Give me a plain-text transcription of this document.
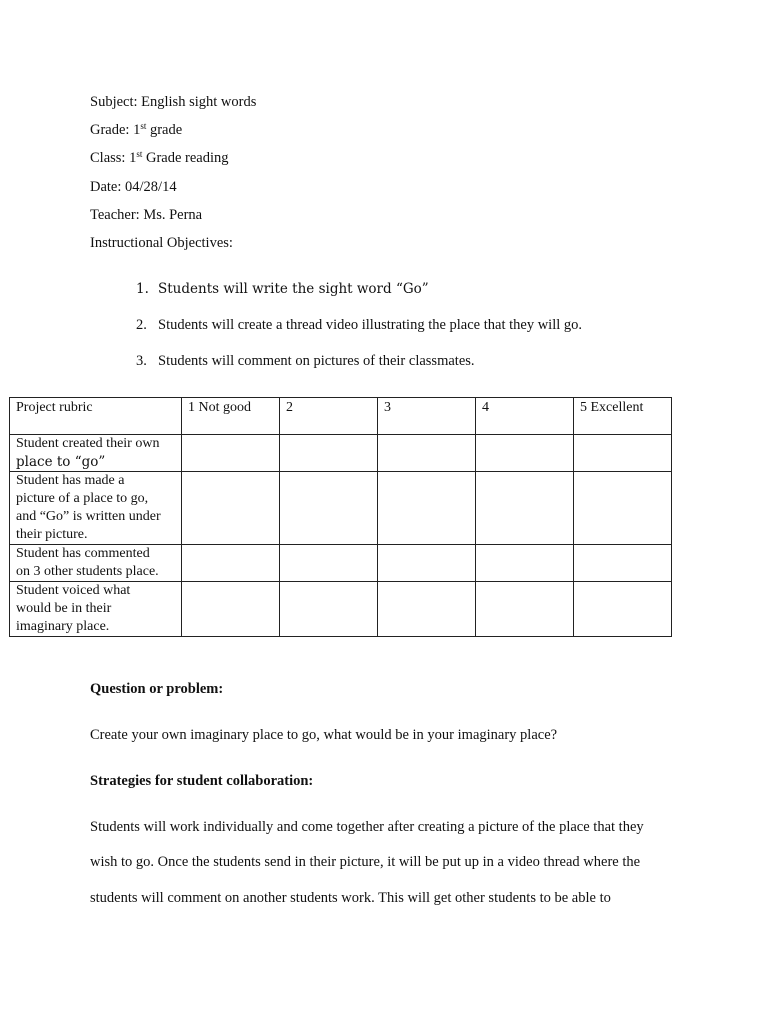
Subject: English sight words
Grade: 1st grade
Class: 1st Grade reading
Date: 04/28/14
Teacher: Ms. Perna
Instructional Objectives:
1. Students will write the sight word “Go”
2. Students will create a thread video illustrating the place that they will go.
3. Students will comment on pictures of their classmates.
Project rubric	1 Not good	2	3	4	5 Excellent

Student created their own
place to “go”					

Student has made a
picture of a place to go,
and “Go” is written under
their picture.					

Student has commented
on 3 other students place.					

Student voiced what
would be in their
imaginary place.					

Question or problem:
Create your own imaginary place to go, what would be in your imaginary place?
Strategies for student collaboration:
Students will work individually and come together after creating a picture of the place that they
wish to go. Once the students send in their picture, it will be put up in a video thread where the
students will comment on another students work. This will get other students to be able to
